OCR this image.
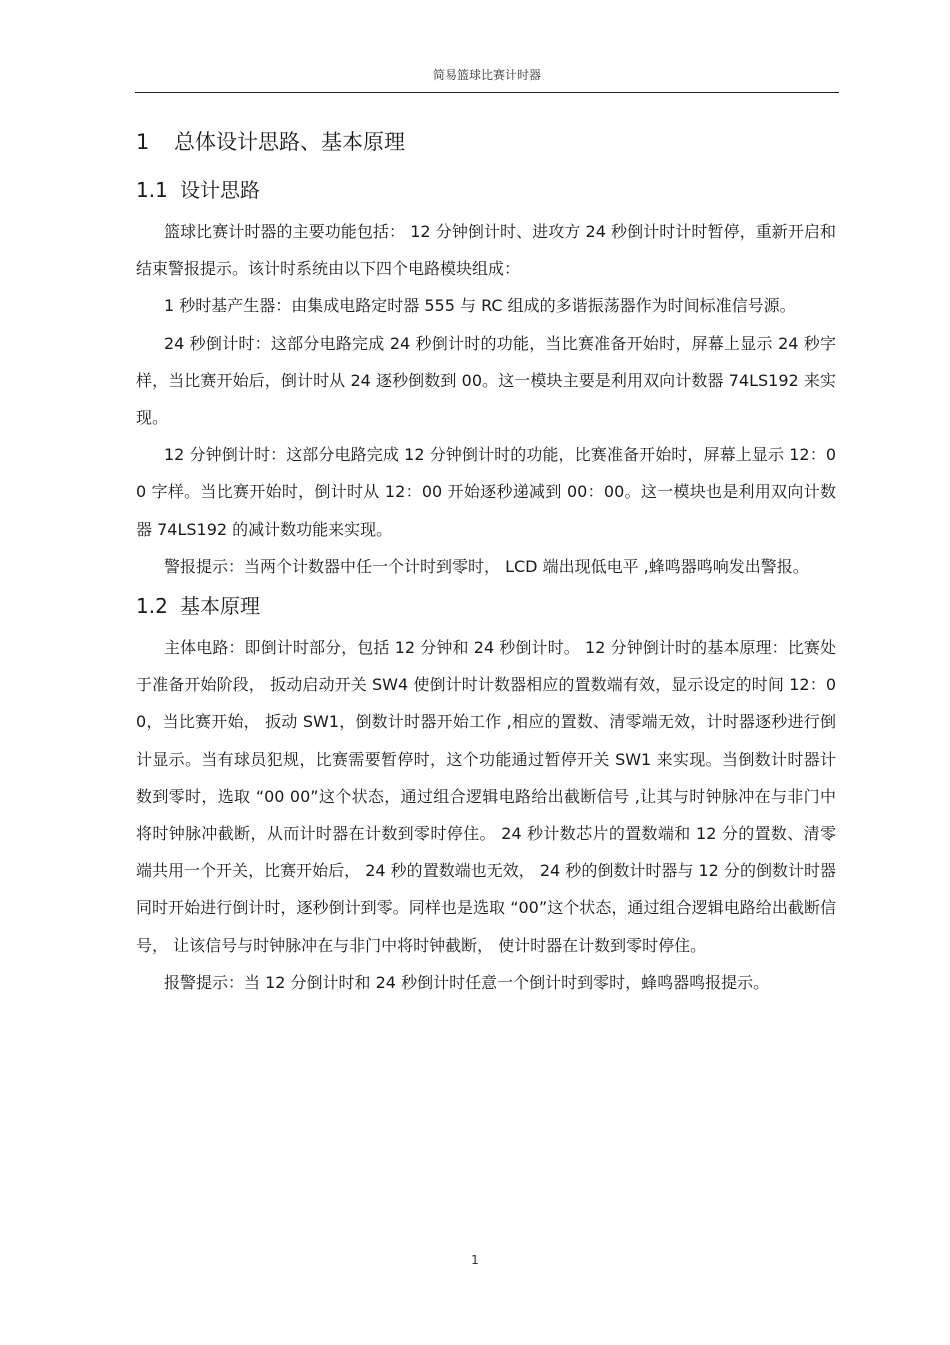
简易篮球比赛计时器
1 总体设计思路、基本原理
1.1 设计思路

篮球比赛计时器的主要功能包括： 12 分钟倒计时、进攻方 24 秒倒计时计时暂停，重新开启和结束警报提示。该计时系统由以下四个电路模块组成：

1 秒时基产生器：由集成电路定时器 555 与 RC 组成的多谐振荡器作为时间标准信号源。

24 秒倒计时：这部分电路完成 24 秒倒计时的功能，当比赛准备开始时，屏幕上显示 24 秒字样，当比赛开始后，倒计时从 24 逐秒倒数到 00。这一模块主要是利用双向计数器 74LS192 来实现。

12 分钟倒计时：这部分电路完成 12 分钟倒计时的功能，比赛准备开始时，屏幕上显示 12：00 字样。当比赛开始时，倒计时从 12：00 开始逐秒递减到 00：00。这一模块也是利用双向计数器 74LS192 的减计数功能来实现。

警报提示：当两个计数器中任一个计时到零时， LCD 端出现低电平 ,蜂鸣器鸣响发出警报。

1.2 基本原理

主体电路：即倒计时部分，包括 12 分钟和 24 秒倒计时。 12 分钟倒计时的基本原理：比赛处于准备开始阶段， 扳动启动开关 SW4 使倒计时计数器相应的置数端有效，显示设定的时间 12：00，当比赛开始， 扳动 SW1，倒数计时器开始工作 ,相应的置数、清零端无效，计时器逐秒进行倒计显示。当有球员犯规，比赛需要暂停时，这个功能通过暂停开关 SW1 来实现。当倒数计时器计数到零时，选取 “00 00”这个状态，通过组合逻辑电路给出截断信号 ,让其与时钟脉冲在与非门中将时钟脉冲截断，从而计时器在计数到零时停住。 24 秒计数芯片的置数端和 12 分的置数、清零端共用一个开关，比赛开始后， 24 秒的置数端也无效， 24 秒的倒数计时器与 12 分的倒数计时器同时开始进行倒计时，逐秒倒计到零。同样也是选取 “00”这个状态，通过组合逻辑电路给出截断信号， 让该信号与时钟脉冲在与非门中将时钟截断， 使计时器在计数到零时停住。

报警提示：当 12 分倒计时和 24 秒倒计时任意一个倒计时到零时，蜂鸣器鸣报提示。

1
